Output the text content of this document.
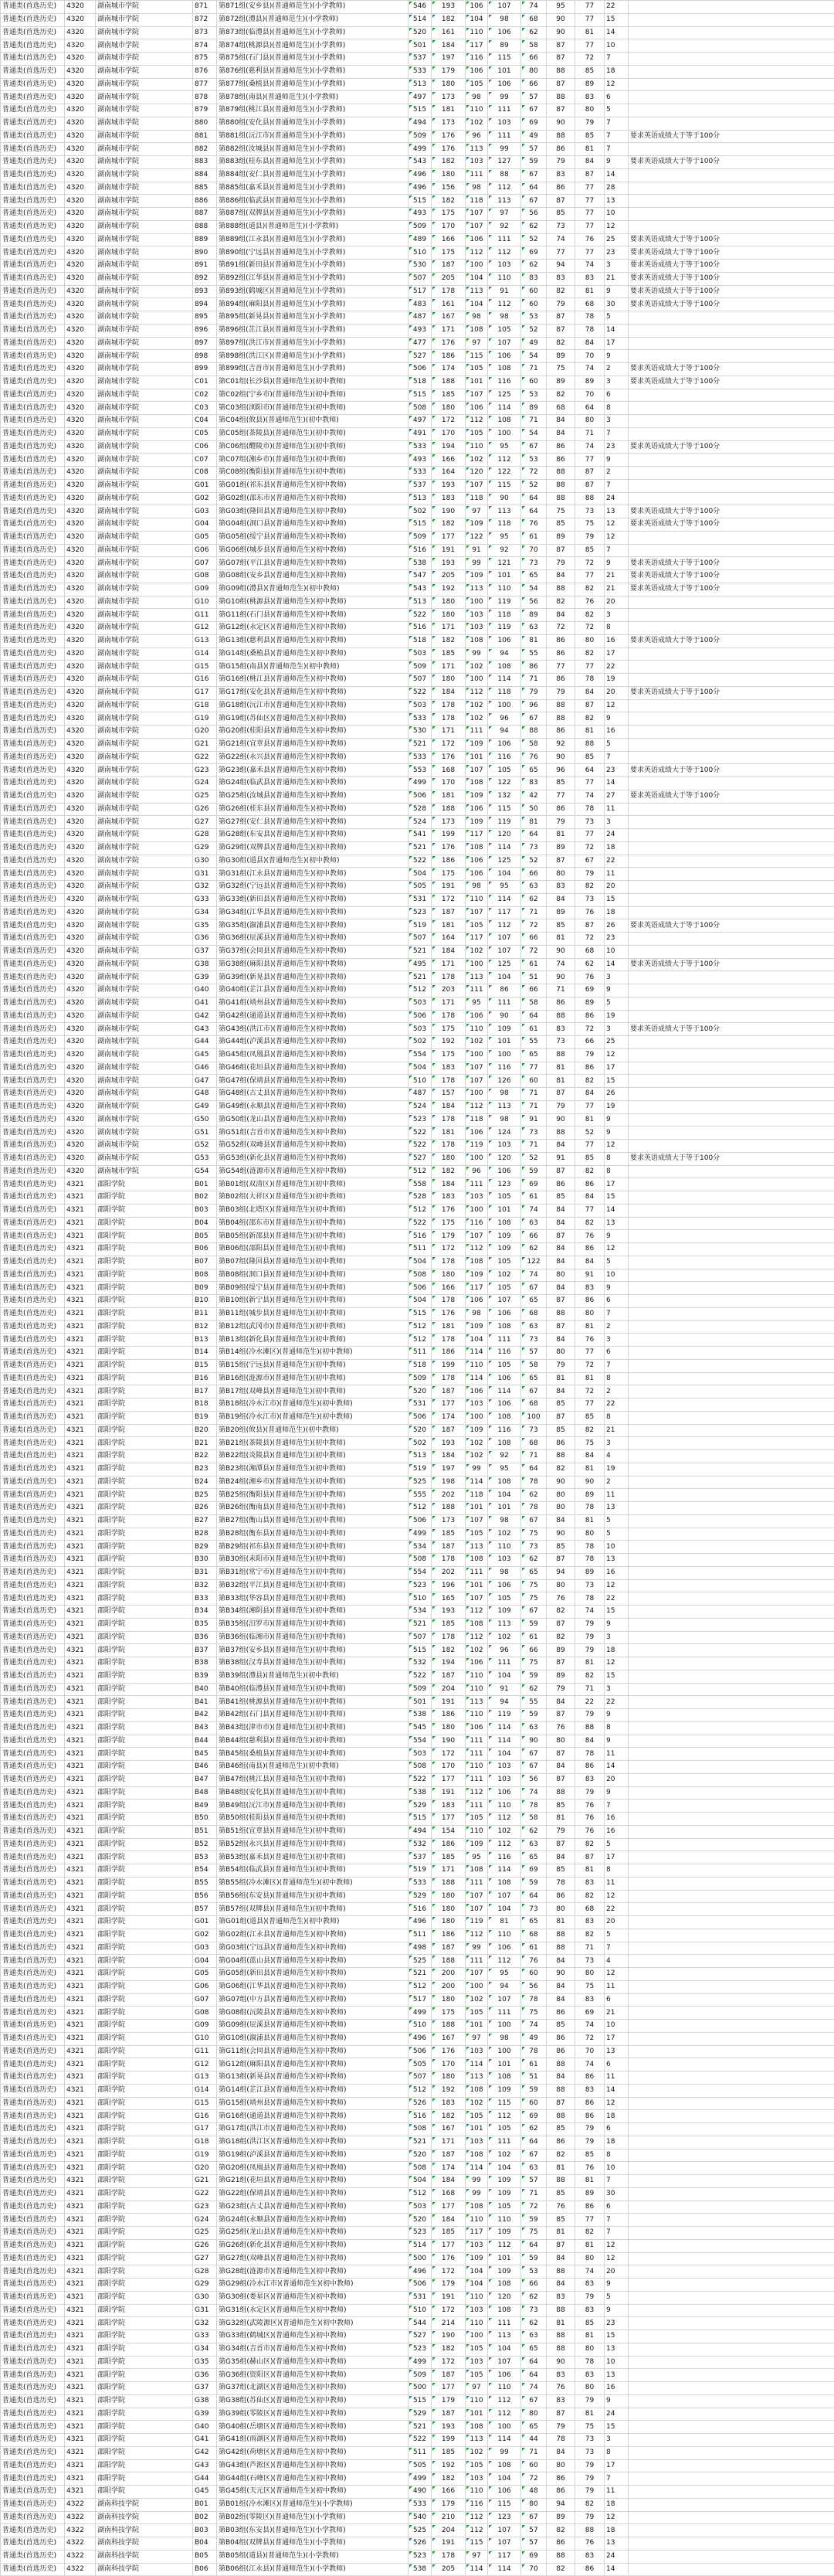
普通类(首选历史)	4320	湖南城市学院	871	第871组(安乡县)(普通师范生)(小学教师)	546	193	106	107	74	95	77	22	
普通类(首选历史)	4320	湖南城市学院	872	第872组(澧县)(普通师范生)(小学教师)	514	182	104	98	68	90	77	15	
普通类(首选历史)	4320	湖南城市学院	873	第873组(临澧县)(普通师范生)(小学教师)	520	161	110	106	62	90	81	14	
普通类(首选历史)	4320	湖南城市学院	874	第874组(桃源县)(普通师范生)(小学教师)	501	184	117	89	58	87	77	10	
普通类(首选历史)	4320	湖南城市学院	875	第875组(石门县)(普通师范生)(小学教师)	537	197	116	115	66	87	72	7	
普通类(首选历史)	4320	湖南城市学院	876	第876组(慈利县)(普通师范生)(小学教师)	533	179	106	101	80	88	85	18	
普通类(首选历史)	4320	湖南城市学院	877	第877组(桑植县)(普通师范生)(小学教师)	513	180	105	106	66	87	89	12	
普通类(首选历史)	4320	湖南城市学院	878	第878组(南县)(普通师范生)(小学教师)	497	173	98	99	57	88	83	6	
普通类(首选历史)	4320	湖南城市学院	879	第879组(桃江县)(普通师范生)(小学教师)	515	181	110	111	67	87	80	5	
普通类(首选历史)	4320	湖南城市学院	880	第880组(安化县)(普通师范生)(小学教师)	494	173	102	103	69	90	79	7	
普通类(首选历史)	4320	湖南城市学院	881	第881组(沅江市)(普通师范生)(小学教师)	509	176	96	111	49	88	85	7	要求英语成绩大于等于100分
普通类(首选历史)	4320	湖南城市学院	882	第882组(汝城县)(普通师范生)(小学教师)	499	176	113	99	57	86	81	7	
普通类(首选历史)	4320	湖南城市学院	883	第883组(桂东县)(普通师范生)(小学教师)	543	182	103	127	59	79	84	9	要求英语成绩大于等于100分
普通类(首选历史)	4320	湖南城市学院	884	第884组(安仁县)(普通师范生)(小学教师)	496	180	111	88	67	83	87	14	
普通类(首选历史)	4320	湖南城市学院	885	第885组(嘉禾县)(普通师范生)(小学教师)	496	156	98	112	64	86	77	28	
普通类(首选历史)	4320	湖南城市学院	886	第886组(临武县)(普通师范生)(小学教师)	515	182	118	113	67	87	77	13	
普通类(首选历史)	4320	湖南城市学院	887	第887组(双牌县)(普通师范生)(小学教师)	493	175	107	97	56	85	77	10	
普通类(首选历史)	4320	湖南城市学院	888	第888组(道县)(普通师范生)(小学教师)	509	170	107	92	62	73	77	12	
普通类(首选历史)	4320	湖南城市学院	889	第889组(江永县)(普通师范生)(小学教师)	489	166	106	111	52	74	76	25	要求英语成绩大于等于100分
普通类(首选历史)	4320	湖南城市学院	890	第890组(宁远县)(普通师范生)(小学教师)	510	175	112	112	69	77	77	23	要求英语成绩大于等于100分
普通类(首选历史)	4320	湖南城市学院	891	第891组(新田县)(普通师范生)(小学教师)	530	187	100	103	62	94	74	3	要求英语成绩大于等于100分
普通类(首选历史)	4320	湖南城市学院	892	第892组(江华县)(普通师范生)(小学教师)	507	205	104	110	83	83	83	21	要求英语成绩大于等于100分
普通类(首选历史)	4320	湖南城市学院	893	第893组(鹤城区)(普通师范生)(小学教师)	517	178	113	91	60	82	81	9	要求英语成绩大于等于100分
普通类(首选历史)	4320	湖南城市学院	894	第894组(麻阳县)(普通师范生)(小学教师)	483	161	104	112	60	79	68	30	要求英语成绩大于等于100分
普通类(首选历史)	4320	湖南城市学院	895	第895组(新晃县)(普通师范生)(小学教师)	487	167	98	98	53	87	78	5	
普通类(首选历史)	4320	湖南城市学院	896	第896组(芷江县)(普通师范生)(小学教师)	493	171	108	105	52	87	78	14	
普通类(首选历史)	4320	湖南城市学院	897	第897组(洪江市)(普通师范生)(小学教师)	477	176	97	107	49	82	84	17	
普通类(首选历史)	4320	湖南城市学院	898	第898组(洪江区)(普通师范生)(小学教师)	527	186	115	106	54	89	70	9	
普通类(首选历史)	4320	湖南城市学院	899	第899组(吉首市)(普通师范生)(小学教师)	506	174	105	108	71	75	74	2	要求英语成绩大于等于100分
普通类(首选历史)	4320	湖南城市学院	C01	第C01组(长沙县)(普通师范生)(初中教师)	518	188	101	116	60	89	89	3	要求英语成绩大于等于100分
普通类(首选历史)	4320	湖南城市学院	C02	第C02组(宁乡市)(普通师范生)(初中教师)	515	185	107	125	53	82	70	6	
普通类(首选历史)	4320	湖南城市学院	C03	第C03组(浏阳市)(普通师范生)(初中教师)	508	180	106	114	89	68	64	8	
普通类(首选历史)	4320	湖南城市学院	C04	第C04组(攸县)(普通师范生)(初中教师)	497	172	112	108	71	84	80	3	
普通类(首选历史)	4320	湖南城市学院	C05	第C05组(茶陵县)(普通师范生)(初中教师)	491	170	105	100	54	84	71	7	
普通类(首选历史)	4320	湖南城市学院	C06	第C06组(醴陵市)(普通师范生)(初中教师)	533	194	110	95	67	86	74	23	要求英语成绩大于等于100分
普通类(首选历史)	4320	湖南城市学院	C07	第C07组(湘乡市)(普通师范生)(初中教师)	493	166	102	112	53	86	77	9	
普通类(首选历史)	4320	湖南城市学院	C08	第C08组(衡阳县)(普通师范生)(初中教师)	533	164	120	122	72	88	87	2	
普通类(首选历史)	4320	湖南城市学院	G01	第G01组(祁东县)(普通师范生)(初中教师)	537	193	107	115	52	88	87	7	
普通类(首选历史)	4320	湖南城市学院	G02	第G02组(邵东市)(普通师范生)(初中教师)	513	183	118	90	64	88	88	24	
普通类(首选历史)	4320	湖南城市学院	G03	第G03组(隆回县)(普通师范生)(初中教师)	502	190	97	113	64	75	73	13	要求英语成绩大于等于100分
普通类(首选历史)	4320	湖南城市学院	G04	第G04组(洞口县)(普通师范生)(初中教师)	515	182	109	118	76	85	75	12	要求英语成绩大于等于100分
普通类(首选历史)	4320	湖南城市学院	G05	第G05组(绥宁县)(普通师范生)(初中教师)	509	177	122	95	61	89	79	12	
普通类(首选历史)	4320	湖南城市学院	G06	第G06组(城步县)(普通师范生)(初中教师)	516	191	91	92	70	87	85	7	
普通类(首选历史)	4320	湖南城市学院	G07	第G07组(平江县)(普通师范生)(初中教师)	538	193	99	121	73	79	72	9	要求英语成绩大于等于100分
普通类(首选历史)	4320	湖南城市学院	G08	第G08组(安乡县)(普通师范生)(初中教师)	547	205	109	101	65	84	77	21	要求英语成绩大于等于100分
普通类(首选历史)	4320	湖南城市学院	G09	第G09组(澧县)(普通师范生)(初中教师)	543	192	113	110	54	88	82	21	要求英语成绩大于等于100分
普通类(首选历史)	4320	湖南城市学院	G10	第G10组(桃源县)(普通师范生)(初中教师)	513	180	100	119	56	82	76	20	
普通类(首选历史)	4320	湖南城市学院	G11	第G11组(石门县)(普通师范生)(初中教师)	522	180	103	118	89	84	82	3	
普通类(首选历史)	4320	湖南城市学院	G12	第G12组(永定区)(普通师范生)(初中教师)	516	171	103	119	63	72	72	8	
普通类(首选历史)	4320	湖南城市学院	G13	第G13组(慈利县)(普通师范生)(初中教师)	518	182	108	106	81	86	80	16	要求英语成绩大于等于100分
普通类(首选历史)	4320	湖南城市学院	G14	第G14组(桑植县)(普通师范生)(初中教师)	503	185	99	94	55	86	82	17	
普通类(首选历史)	4320	湖南城市学院	G15	第G15组(南县)(普通师范生)(初中教师)	509	171	102	108	86	77	77	22	
普通类(首选历史)	4320	湖南城市学院	G16	第G16组(桃江县)(普通师范生)(初中教师)	507	180	100	114	71	86	78	19	
普通类(首选历史)	4320	湖南城市学院	G17	第G17组(安化县)(普通师范生)(初中教师)	522	184	112	118	79	79	84	20	要求英语成绩大于等于100分
普通类(首选历史)	4320	湖南城市学院	G18	第G18组(沅江市)(普通师范生)(初中教师)	503	178	102	100	96	88	87	12	
普通类(首选历史)	4320	湖南城市学院	G19	第G19组(苏仙区)(普通师范生)(初中教师)	533	178	102	96	67	88	82	9	
普通类(首选历史)	4320	湖南城市学院	G20	第G20组(桂阳县)(普通师范生)(初中教师)	530	171	111	94	88	86	81	16	
普通类(首选历史)	4320	湖南城市学院	G21	第G21组(宜章县)(普通师范生)(初中教师)	521	172	109	106	58	92	88	5	
普通类(首选历史)	4320	湖南城市学院	G22	第G22组(永兴县)(普通师范生)(初中教师)	533	176	101	116	76	90	85	7	
普通类(首选历史)	4320	湖南城市学院	G23	第G23组(嘉禾县)(普通师范生)(初中教师)	553	168	107	105	65	96	64	23	要求英语成绩大于等于100分
普通类(首选历史)	4320	湖南城市学院	G24	第G24组(临武县)(普通师范生)(初中教师)	499	170	108	122	83	85	77	14	
普通类(首选历史)	4320	湖南城市学院	G25	第G25组(汝城县)(普通师范生)(初中教师)	506	181	109	132	42	77	74	27	要求英语成绩大于等于100分
普通类(首选历史)	4320	湖南城市学院	G26	第G26组(桂东县)(普通师范生)(初中教师)	528	188	106	115	50	86	78	11	
普通类(首选历史)	4320	湖南城市学院	G27	第G27组(安仁县)(普通师范生)(初中教师)	524	173	109	119	81	79	73	3	
普通类(首选历史)	4320	湖南城市学院	G28	第G28组(东安县)(普通师范生)(初中教师)	541	199	117	120	64	81	77	24	
普通类(首选历史)	4320	湖南城市学院	G29	第G29组(双牌县)(普通师范生)(初中教师)	521	176	108	114	73	89	72	18	
普通类(首选历史)	4320	湖南城市学院	G30	第G30组(道县)(普通师范生)(初中教师)	522	186	106	125	52	87	67	22	
普通类(首选历史)	4320	湖南城市学院	G31	第G31组(江永县)(普通师范生)(初中教师)	504	175	106	104	66	80	79	11	
普通类(首选历史)	4320	湖南城市学院	G32	第G32组(宁远县)(普通师范生)(初中教师)	505	191	98	95	63	83	82	20	
普通类(首选历史)	4320	湖南城市学院	G33	第G33组(新田县)(普通师范生)(初中教师)	531	172	110	114	62	84	73	15	
普通类(首选历史)	4320	湖南城市学院	G34	第G34组(江华县)(普通师范生)(初中教师)	523	187	107	117	71	89	76	18	
普通类(首选历史)	4320	湖南城市学院	G35	第G35组(溆浦县)(普通师范生)(初中教师)	519	181	105	112	72	85	87	26	要求英语成绩大于等于100分
普通类(首选历史)	4320	湖南城市学院	G36	第G36组(辰溪县)(普通师范生)(初中教师)	507	164	117	107	66	81	72	23	
普通类(首选历史)	4320	湖南城市学院	G37	第G37组(会同县)(普通师范生)(初中教师)	521	184	102	107	72	90	68	10	
普通类(首选历史)	4320	湖南城市学院	G38	第G38组(麻阳县)(普通师范生)(初中教师)	495	171	100	125	61	74	62	14	要求英语成绩大于等于100分
普通类(首选历史)	4320	湖南城市学院	G39	第G39组(新晃县)(普通师范生)(初中教师)	521	178	113	104	51	90	76	3	
普通类(首选历史)	4320	湖南城市学院	G40	第G40组(芷江县)(普通师范生)(初中教师)	512	203	111	86	66	71	69	9	
普通类(首选历史)	4320	湖南城市学院	G41	第G41组(靖州县)(普通师范生)(初中教师)	503	171	95	111	58	86	89	5	
普通类(首选历史)	4320	湖南城市学院	G42	第G42组(通道县)(普通师范生)(初中教师)	506	178	106	90	64	88	86	19	
普通类(首选历史)	4320	湖南城市学院	G43	第G43组(洪江市)(普通师范生)(初中教师)	503	175	110	109	61	83	72	3	要求英语成绩大于等于100分
普通类(首选历史)	4320	湖南城市学院	G44	第G44组(泸溪县)(普通师范生)(初中教师)	502	192	102	101	55	73	66	25	
普通类(首选历史)	4320	湖南城市学院	G45	第G45组(凤凰县)(普通师范生)(初中教师)	554	175	100	100	65	88	79	12	
普通类(首选历史)	4320	湖南城市学院	G46	第G46组(花垣县)(普通师范生)(初中教师)	504	183	107	116	77	81	86	17	
普通类(首选历史)	4320	湖南城市学院	G47	第G47组(保靖县)(普通师范生)(初中教师)	510	178	107	126	60	81	82	15	
普通类(首选历史)	4320	湖南城市学院	G48	第G48组(古丈县)(普通师范生)(初中教师)	487	157	100	98	71	87	84	26	
普通类(首选历史)	4320	湖南城市学院	G49	第G49组(永顺县)(普通师范生)(初中教师)	524	184	112	113	71	79	77	19	
普通类(首选历史)	4320	湖南城市学院	G50	第G50组(龙山县)(普通师范生)(初中教师)	523	178	118	98	91	90	81	9	
普通类(首选历史)	4320	湖南城市学院	G51	第G51组(吉首市)(普通师范生)(初中教师)	522	181	106	124	73	88	52	9	
普通类(首选历史)	4320	湖南城市学院	G52	第G52组(双峰县)(普通师范生)(初中教师)	522	178	119	103	71	84	77	12	
普通类(首选历史)	4320	湖南城市学院	G53	第G53组(新化县)(普通师范生)(初中教师)	527	180	100	120	52	91	85	8	要求英语成绩大于等于100分
普通类(首选历史)	4320	湖南城市学院	G54	第G54组(涟源市)(普通师范生)(初中教师)	512	182	96	106	59	87	82	8	
普通类(首选历史)	4321	邵阳学院	B01	第B01组(双清区)(普通师范生)(初中教师)	558	184	111	123	69	86	86	17	
普通类(首选历史)	4321	邵阳学院	B02	第B02组(大祥区)(普通师范生)(初中教师)	528	183	103	105	61	85	84	15	
普通类(首选历史)	4321	邵阳学院	B03	第B03组(北塔区)(普通师范生)(初中教师)	512	176	100	101	74	84	77	14	
普通类(首选历史)	4321	邵阳学院	B04	第B04组(邵东市)(普通师范生)(初中教师)	522	175	116	108	63	84	82	13	
普通类(首选历史)	4321	邵阳学院	B05	第B05组(新邵县)(普通师范生)(初中教师)	516	179	107	109	66	87	76	9	
普通类(首选历史)	4321	邵阳学院	B06	第B06组(邵阳县)(普通师范生)(初中教师)	511	172	112	109	62	84	86	12	
普通类(首选历史)	4321	邵阳学院	B07	第B07组(隆回县)(普通师范生)(初中教师)	504	178	108	105	122	84	84	5	
普通类(首选历史)	4321	邵阳学院	B08	第B08组(洞口县)(普通师范生)(初中教师)	508	180	109	102	74	80	91	10	
普通类(首选历史)	4321	邵阳学院	B09	第B09组(绥宁县)(普通师范生)(初中教师)	506	166	117	105	67	84	83	9	
普通类(首选历史)	4321	邵阳学院	B10	第B10组(新宁县)(普通师范生)(初中教师)	504	178	106	107	65	87	86	6	
普通类(首选历史)	4321	邵阳学院	B11	第B11组(城步县)(普通师范生)(初中教师)	515	176	98	106	68	88	80	7	
普通类(首选历史)	4321	邵阳学院	B12	第B12组(武冈市)(普通师范生)(初中教师)	512	181	109	108	63	87	81	2	
普通类(首选历史)	4321	邵阳学院	B13	第B13组(新化县)(普通师范生)(初中教师)	512	178	104	111	73	84	76	3	
普通类(首选历史)	4321	邵阳学院	B14	第B14组(冷水滩区)(普通师范生)(初中教师)	511	186	114	116	57	80	77	6	
普通类(首选历史)	4321	邵阳学院	B15	第B15组(宁远县)(普通师范生)(初中教师)	518	199	110	105	58	79	72	7	
普通类(首选历史)	4321	邵阳学院	B16	第B16组(涟源市)(普通师范生)(初中教师)	509	178	114	106	65	81	81	8	
普通类(首选历史)	4321	邵阳学院	B17	第B17组(双峰县)(普通师范生)(初中教师)	520	187	106	114	67	84	72	2	
普通类(首选历史)	4321	邵阳学院	B18	第B18组(冷水江市)(普通师范生)(初中教师)	531	177	103	106	68	85	77	22	
普通类(首选历史)	4321	邵阳学院	B19	第B19组(冷水江市)(普通师范生)(初中教师)	506	174	100	108	100	87	85	8	
普通类(首选历史)	4321	邵阳学院	B20	第B20组(攸县)(普通师范生)(初中教师)	520	187	109	116	73	85	82	21	
普通类(首选历史)	4321	邵阳学院	B21	第B21组(茶陵县)(普通师范生)(初中教师)	502	193	102	108	68	86	75	3	
普通类(首选历史)	4321	邵阳学院	B22	第B22组(炎陵县)(普通师范生)(初中教师)	513	184	102	92	71	88	84	4	
普通类(首选历史)	4321	邵阳学院	B23	第B23组(湘潭县)(普通师范生)(初中教师)	519	197	99	95	64	82	81	19	
普通类(首选历史)	4321	邵阳学院	B24	第B24组(湘乡市)(普通师范生)(初中教师)	525	198	114	108	78	90	90	2	
普通类(首选历史)	4321	邵阳学院	B25	第B25组(衡阳县)(普通师范生)(初中教师)	555	202	118	104	62	80	89	11	
普通类(首选历史)	4321	邵阳学院	B26	第B26组(衡南县)(普通师范生)(初中教师)	512	188	101	101	78	80	78	13	
普通类(首选历史)	4321	邵阳学院	B27	第B27组(衡山县)(普通师范生)(初中教师)	506	173	107	98	67	84	81	5	
普通类(首选历史)	4321	邵阳学院	B28	第B28组(衡东县)(普通师范生)(初中教师)	499	185	105	102	75	90	80	5	
普通类(首选历史)	4321	邵阳学院	B29	第B29组(祁东县)(普通师范生)(初中教师)	534	187	113	110	73	85	78	10	
普通类(首选历史)	4321	邵阳学院	B30	第B30组(耒阳市)(普通师范生)(初中教师)	508	178	108	103	62	87	78	13	
普通类(首选历史)	4321	邵阳学院	B31	第B31组(常宁市)(普通师范生)(初中教师)	554	202	111	98	65	94	89	16	
普通类(首选历史)	4321	邵阳学院	B32	第B32组(平江县)(普通师范生)(初中教师)	523	196	101	106	75	80	73	12	
普通类(首选历史)	4321	邵阳学院	B33	第B33组(华容县)(普通师范生)(初中教师)	510	165	107	105	75	76	78	22	
普通类(首选历史)	4321	邵阳学院	B34	第B34组(湘阴县)(普通师范生)(初中教师)	534	193	112	109	67	82	74	15	
普通类(首选历史)	4321	邵阳学院	B35	第B35组(汨罗市)(普通师范生)(初中教师)	521	185	108	113	59	87	79	9	
普通类(首选历史)	4321	邵阳学院	B36	第B36组(临湘市)(普通师范生)(初中教师)	507	178	112	102	61	82	79	3	
普通类(首选历史)	4321	邵阳学院	B37	第B37组(安乡县)(普通师范生)(初中教师)	515	182	102	96	66	89	79	18	
普通类(首选历史)	4321	邵阳学院	B38	第B38组(汉寿县)(普通师范生)(初中教师)	532	194	106	111	75	87	81	12	
普通类(首选历史)	4321	邵阳学院	B39	第B39组(澧县)(普通师范生)(初中教师)	522	187	110	104	59	89	82	15	
普通类(首选历史)	4321	邵阳学院	B40	第B40组(临澧县)(普通师范生)(初中教师)	509	204	110	91	62	79	71	3	
普通类(首选历史)	4321	邵阳学院	B41	第B41组(桃源县)(普通师范生)(初中教师)	501	191	113	94	55	84	22	22	
普通类(首选历史)	4321	邵阳学院	B42	第B42组(石门县)(普通师范生)(初中教师)	538	186	110	119	59	87	79	9	
普通类(首选历史)	4321	邵阳学院	B43	第B43组(津市市)(普通师范生)(初中教师)	545	180	106	114	63	76	88	8	
普通类(首选历史)	4321	邵阳学院	B44	第B44组(慈利县)(普通师范生)(初中教师)	554	190	111	114	90	80	84	9	
普通类(首选历史)	4321	邵阳学院	B45	第B45组(桑植县)(普通师范生)(初中教师)	503	172	111	104	67	87	78	11	
普通类(首选历史)	4321	邵阳学院	B46	第B46组(南县)(普通师范生)(初中教师)	508	170	110	103	67	84	86	14	
普通类(首选历史)	4321	邵阳学院	B47	第B47组(桃江县)(普通师范生)(初中教师)	522	177	111	103	56	87	83	20	
普通类(首选历史)	4321	邵阳学院	B48	第B48组(安化县)(普通师范生)(初中教师)	538	191	112	106	74	88	79	9	
普通类(首选历史)	4321	邵阳学院	B49	第B49组(沅江市)(普通师范生)(初中教师)	529	183	111	110	78	85	76	7	
普通类(首选历史)	4321	邵阳学院	B50	第B50组(桂阳县)(普通师范生)(初中教师)	515	177	105	112	58	81	76	16	
普通类(首选历史)	4321	邵阳学院	B51	第B51组(宜章县)(普通师范生)(初中教师)	494	154	110	102	62	79	76	16	
普通类(首选历史)	4321	邵阳学院	B52	第B52组(永兴县)(普通师范生)(初中教师)	532	186	109	112	63	87	82	5	
普通类(首选历史)	4321	邵阳学院	B53	第B53组(嘉禾县)(普通师范生)(初中教师)	537	185	95	116	65	84	87	17	
普通类(首选历史)	4321	邵阳学院	B54	第B54组(临武县)(普通师范生)(初中教师)	519	171	108	114	69	85	81	8	
普通类(首选历史)	4321	邵阳学院	B55	第B55组(冷水滩区)(普通师范生)(初中教师)	533	188	111	108	59	78	83	11	
普通类(首选历史)	4321	邵阳学院	B56	第B56组(东安县)(普通师范生)(初中教师)	529	180	107	107	64	86	82	12	
普通类(首选历史)	4321	邵阳学院	B57	第B57组(双牌县)(普通师范生)(初中教师)	516	180	107	104	73	80	68	22	
普通类(首选历史)	4321	邵阳学院	G01	第G01组(道县)(普通师范生)(初中教师)	496	180	119	81	65	81	83	20	
普通类(首选历史)	4321	邵阳学院	G02	第G02组(江永县)(普通师范生)(初中教师)	511	186	112	110	68	88	82	5	
普通类(首选历史)	4321	邵阳学院	G03	第G03组(宁远县)(普通师范生)(初中教师)	498	187	99	106	61	88	71	7	
普通类(首选历史)	4321	邵阳学院	G04	第G04组(蓝山县)(普通师范生)(初中教师)	525	188	111	112	76	84	73	4	
普通类(首选历史)	4321	邵阳学院	G05	第G05组(新田县)(普通师范生)(初中教师)	521	200	107	95	60	90	80	12	
普通类(首选历史)	4321	邵阳学院	G06	第G06组(江华县)(普通师范生)(初中教师)	512	200	100	94	56	84	75	11	
普通类(首选历史)	4321	邵阳学院	G07	第G07组(中方县)(普通师范生)(初中教师)	517	180	102	107	78	84	83	6	
普通类(首选历史)	4321	邵阳学院	G08	第G08组(沅陵县)(普通师范生)(初中教师)	499	175	105	111	75	86	69	21	
普通类(首选历史)	4321	邵阳学院	G09	第G09组(辰溪县)(普通师范生)(初中教师)	510	188	101	100	74	85	74	10	
普通类(首选历史)	4321	邵阳学院	G10	第G10组(溆浦县)(普通师范生)(初中教师)	496	167	97	98	49	86	72	17	
普通类(首选历史)	4321	邵阳学院	G11	第G11组(会同县)(普通师范生)(初中教师)	506	176	103	100	78	86	70	13	
普通类(首选历史)	4321	邵阳学院	G12	第G12组(麻阳县)(普通师范生)(初中教师)	505	170	114	101	61	88	74	6	
普通类(首选历史)	4321	邵阳学院	G13	第G13组(新晃县)(普通师范生)(初中教师)	507	180	113	108	51	84	86	11	
普通类(首选历史)	4321	邵阳学院	G14	第G14组(芷江县)(普通师范生)(初中教师)	512	192	108	109	59	88	83	14	
普通类(首选历史)	4321	邵阳学院	G15	第G15组(靖州县)(普通师范生)(初中教师)	526	183	102	115	60	87	86	12	
普通类(首选历史)	4321	邵阳学院	G16	第G16组(通道县)(普通师范生)(初中教师)	516	182	105	112	69	88	86	18	
普通类(首选历史)	4321	邵阳学院	G17	第G17组(洪江市)(普通师范生)(初中教师)	508	167	101	105	62	85	79	6	
普通类(首选历史)	4321	邵阳学院	G18	第G18组(洪江区)(普通师范生)(初中教师)	521	171	103	111	64	86	79	18	
普通类(首选历史)	4321	邵阳学院	G19	第G19组(泸溪县)(普通师范生)(初中教师)	520	187	108	102	67	82	85	8	
普通类(首选历史)	4321	邵阳学院	G20	第G20组(凤凰县)(普通师范生)(初中教师)	508	174	114	104	63	81	76	10	
普通类(首选历史)	4321	邵阳学院	G21	第G21组(花垣县)(普通师范生)(初中教师)	504	184	99	109	57	88	81	7	
普通类(首选历史)	4321	邵阳学院	G22	第G22组(保靖县)(普通师范生)(初中教师)	512	168	99	109	71	85	89	30	
普通类(首选历史)	4321	邵阳学院	G23	第G23组(古丈县)(普通师范生)(初中教师)	503	177	108	105	72	76	86	6	
普通类(首选历史)	4321	邵阳学院	G24	第G24组(永顺县)(普通师范生)(初中教师)	520	184	110	110	59	85	77	7	
普通类(首选历史)	4321	邵阳学院	G25	第G25组(龙山县)(普通师范生)(初中教师)	523	185	117	109	75	81	82	7	
普通类(首选历史)	4321	邵阳学院	G26	第G26组(新化县)(普通师范生)(初中教师)	514	177	103	112	64	87	81	12	
普通类(首选历史)	4321	邵阳学院	G27	第G27组(双峰县)(普通师范生)(初中教师)	500	176	109	101	59	84	80	12	
普通类(首选历史)	4321	邵阳学院	G28	第G28组(涟源市)(普通师范生)(初中教师)	496	172	104	109	53	88	74	20	
普通类(首选历史)	4321	邵阳学院	G29	第G29组(冷水江市)(普通师范生)(初中教师)	506	179	104	108	66	84	83	9	
普通类(首选历史)	4321	邵阳学院	G30	第G30组(娄星区)(普通师范生)(初中教师)	531	191	110	120	62	83	79	5	
普通类(首选历史)	4321	邵阳学院	G31	第G31组(永定区)(普通师范生)(初中教师)	510	172	103	108	73	88	83	9	
普通类(首选历史)	4321	邵阳学院	G32	第G32组(武陵源区)(普通师范生)(初中教师)	544	214	110	111	62	81	85	23	
普通类(首选历史)	4321	邵阳学院	G33	第G33组(鹤城区)(普通师范生)(初中教师)	527	190	100	113	63	88	81	15	
普通类(首选历史)	4321	邵阳学院	G34	第G34组(吉首市)(普通师范生)(初中教师)	523	182	105	104	65	88	80	13	
普通类(首选历史)	4321	邵阳学院	G35	第G35组(赫山区)(普通师范生)(初中教师)	499	172	103	107	64	90	78	10	
普通类(首选历史)	4321	邵阳学院	G36	第G36组(资阳区)(普通师范生)(初中教师)	509	187	105	106	64	83	83	13	
普通类(首选历史)	4321	邵阳学院	G37	第G37组(北湖区)(普通师范生)(初中教师)	500	177	97	110	74	76	80	16	
普通类(首选历史)	4321	邵阳学院	G38	第G38组(苏仙区)(普通师范生)(初中教师)	515	179	110	112	67	83	79	9	
普通类(首选历史)	4321	邵阳学院	G39	第G39组(零陵区)(普通师范生)(初中教师)	529	187	101	112	80	87	81	24	
普通类(首选历史)	4321	邵阳学院	G40	第G40组(岳塘区)(普通师范生)(初中教师)	521	193	108	100	65	79	75	15	
普通类(首选历史)	4321	邵阳学院	G41	第G41组(雨湖区)(普通师范生)(初中教师)	522	199	113	114	44	78	73	3	
普通类(首选历史)	4321	邵阳学院	G42	第G42组(荷塘区)(普通师范生)(初中教师)	511	185	102	99	71	84	73	8	
普通类(首选历史)	4321	邵阳学院	G43	第G43组(芦淞区)(普通师范生)(初中教师)	505	192	105	108	60	80	79	17	
普通类(首选历史)	4321	邵阳学院	G44	第G44组(石峰区)(普通师范生)(初中教师)	499	182	103	104	72	86	79	7	
普通类(首选历史)	4321	邵阳学院	G45	第G45组(天元区)(普通师范生)(初中教师)	490	166	110	106	48	86	79	11	
普通类(首选历史)	4322	湖南科技学院	B01	第B01组(冷水滩区)(普通师范生)(小学教师)	533	179	116	115	80	94	82	18	
普通类(首选历史)	4322	湖南科技学院	B02	第B02组(零陵区)(普通师范生)(小学教师)	540	210	112	123	67	89	79	12	
普通类(首选历史)	4322	湖南科技学院	B03	第B03组(东安县)(普通师范生)(小学教师)	525	204	112	107	57	82	88	18	
普通类(首选历史)	4322	湖南科技学院	B04	第B04组(双牌县)(普通师范生)(小学教师)	526	191	115	107	57	86	76	13	
普通类(首选历史)	4322	湖南科技学院	B05	第B05组(道县)(普通师范生)(小学教师)	523	178	97	117	69	88	83	24	
普通类(首选历史)	4322	湖南科技学院	B06	第B06组(江永县)(普通师范生)(小学教师)	538	205	114	114	70	82	86	14	
